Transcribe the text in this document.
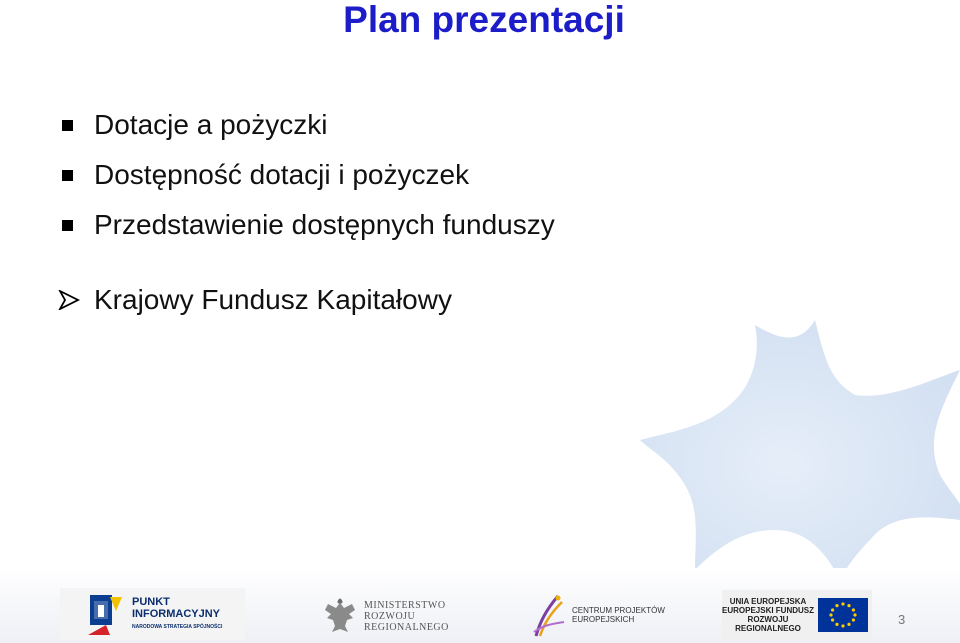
Plan prezentacji
Dotacje a pożyczki
Dostępność dotacji i pożyczek
Przedstawienie dostępnych funduszy
Krajowy Fundusz Kapitałowy
PUNKT
INFORMACYJNY
NARODOWA STRATEGIA SPÓJNOŚCI
MINISTERSTWO
ROZWOJU
REGIONALNEGO
CENTRUM PROJEKTÓW
EUROPEJSKICH
UNIA EUROPEJSKA
EUROPEJSKI FUNDUSZ
ROZWOJU REGIONALNEGO
3
